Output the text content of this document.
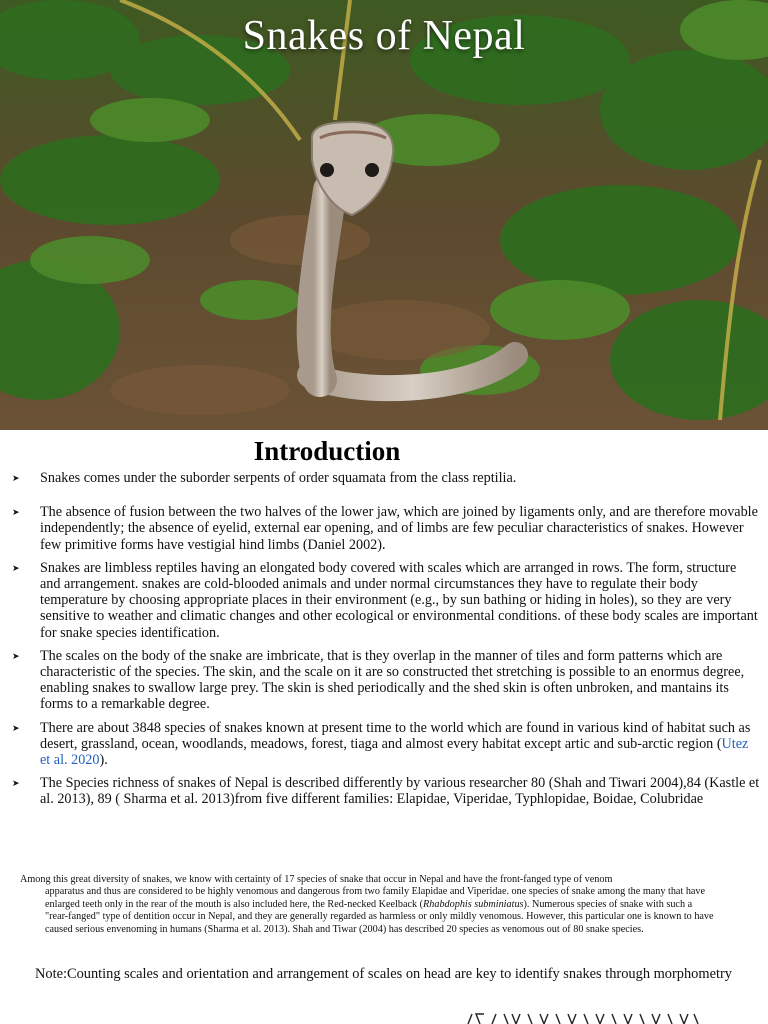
Snakes of Nepal
Introduction
➤ Snakes comes under the suborder serpents of order squamata from the class reptilia.
➤ The absence of fusion between the two halves of the lower jaw, which are joined by ligaments only, and are therefore movable independently; the absence of eyelid, external ear opening, and of limbs are few peculiar characteristics of snakes. However few primitive forms have vestigial hind limbs (Daniel 2002).
➤ Snakes are limbless reptiles having an elongated body covered with scales which are arranged in rows. The form, structure and arrangement. snakes are cold-blooded animals and under normal circumstances they have to regulate their body temperature by choosing appropriate places in their environment (e.g., by sun bathing or hiding in holes), so they are very sensitive to weather and climatic changes and other ecological or environmental conditions. of these body scales are important for snake species identification.
➤ The scales on the body of the snake are imbricate, that is they overlap in the manner of tiles and form patterns which are characteristic of the species. The skin, and the scale on it are so constructed thet stretching is possible to an enormus degree, enabling snakes to swallow large prey. The skin is shed periodically and the shed skin is often unbroken, and mantains its forms to a remarkable degree.
➤ There are about 3848 species of snakes known at present time to the world which are found in various kind of habitat such as desert, grassland, ocean, woodlands, meadows, forest, tiaga and almost every habitat except artic and sub-arctic region (Utez et al. 2020).
➤ The Species richness of snakes of Nepal is described differently by various researcher 80 (Shah and Tiwari 2004),84 (Kastle et al. 2013), 89 ( Sharma et al. 2013)from five different families: Elapidae, Viperidae, Typhlopidae, Boidae, Colubridae

Among this great diversity of snakes, we know with certainty of 17 species of snake that occur in Nepal and have the front-fanged type of venom
apparatus and thus are considered to be highly venomous and dangerous from two family Elapidae and Viperidae. one species of snake among the many that have enlarged teeth only in the rear of the mouth is also included here, the Red-necked Keelback (Rhabdophis subminiatus). Numerous species of snake with such a "rear-fanged" type of dentition occur in Nepal, and they are generally regarded as harmless or only mildly venomous. However, this particular one is known to have caused serious envenoming in humans (Sharma et al. 2013). Shah and Tiwar (2004) has described 20 species as venomous out of 80 snake species.

Note:Counting scales and orientation and arrangement of scales on head are key to identify snakes through morphometry
